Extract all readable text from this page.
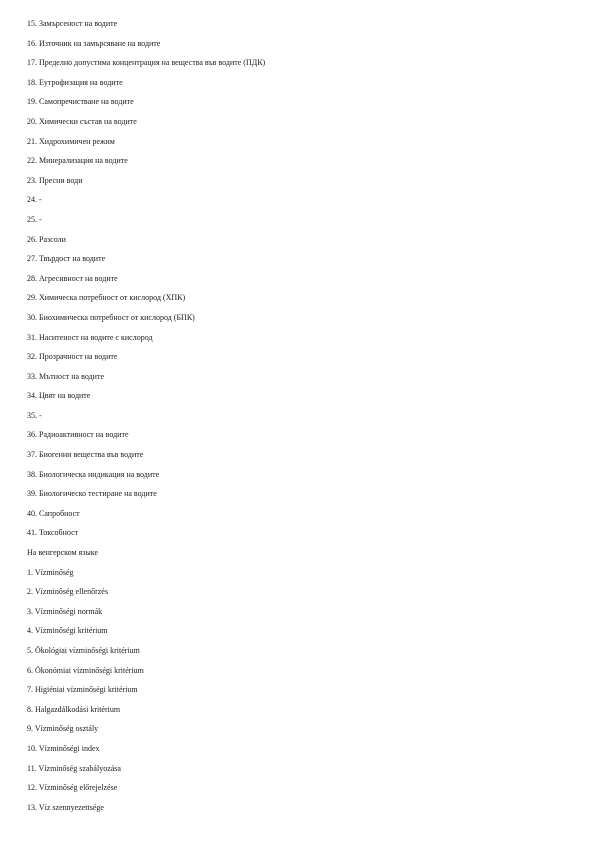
15. Замърсеност на водите
16. Източник на замърсяване на водите
17. Пределно допустима концентрация на вещества във водите (ПДК)
18. Еутрофизация на водите
19. Самопречистване на водите
20. Химически състав на водите
21. Хидрохимичен режим
22. Минерализация на водите
23. Пресни води
24. -
25. -
26. Разсоли
27. Твърдост на водите
28. Агресивност на водите
29. Химическа потребност от кислород (ХПК)
30. Биохимическа потребност от кислород (БПК)
31. Наситеност на водите с кислород
32. Прозрачност на водите
33. Мътност на водите
34. Цвят на водите
35. -
36. Радиоактивност на водите
37. Биогенни вещества във водите
38. Биологическа индикация на водите
39. Биологическо тестиране на водите
40. Сапробност
41. Токсобност
На венгерском языке
1. Vízminőség
2. Vízminőség ellenőrzés
3. Vízminőségi normák
4. Vízminőségi kritérium
5. Ökológiai vízminőségi kritérium
6. Ökonómiai vízminőségi kritérium
7. Higiéniai vízminőségi kritérium
8. Halgazdálkodási kritérium
9. Vízminőség osztály
10. Vízminőségi index
11. Vízminőség szabályozása
12. Vízminőség előrejelzése
13. Víz szennyezettsége
